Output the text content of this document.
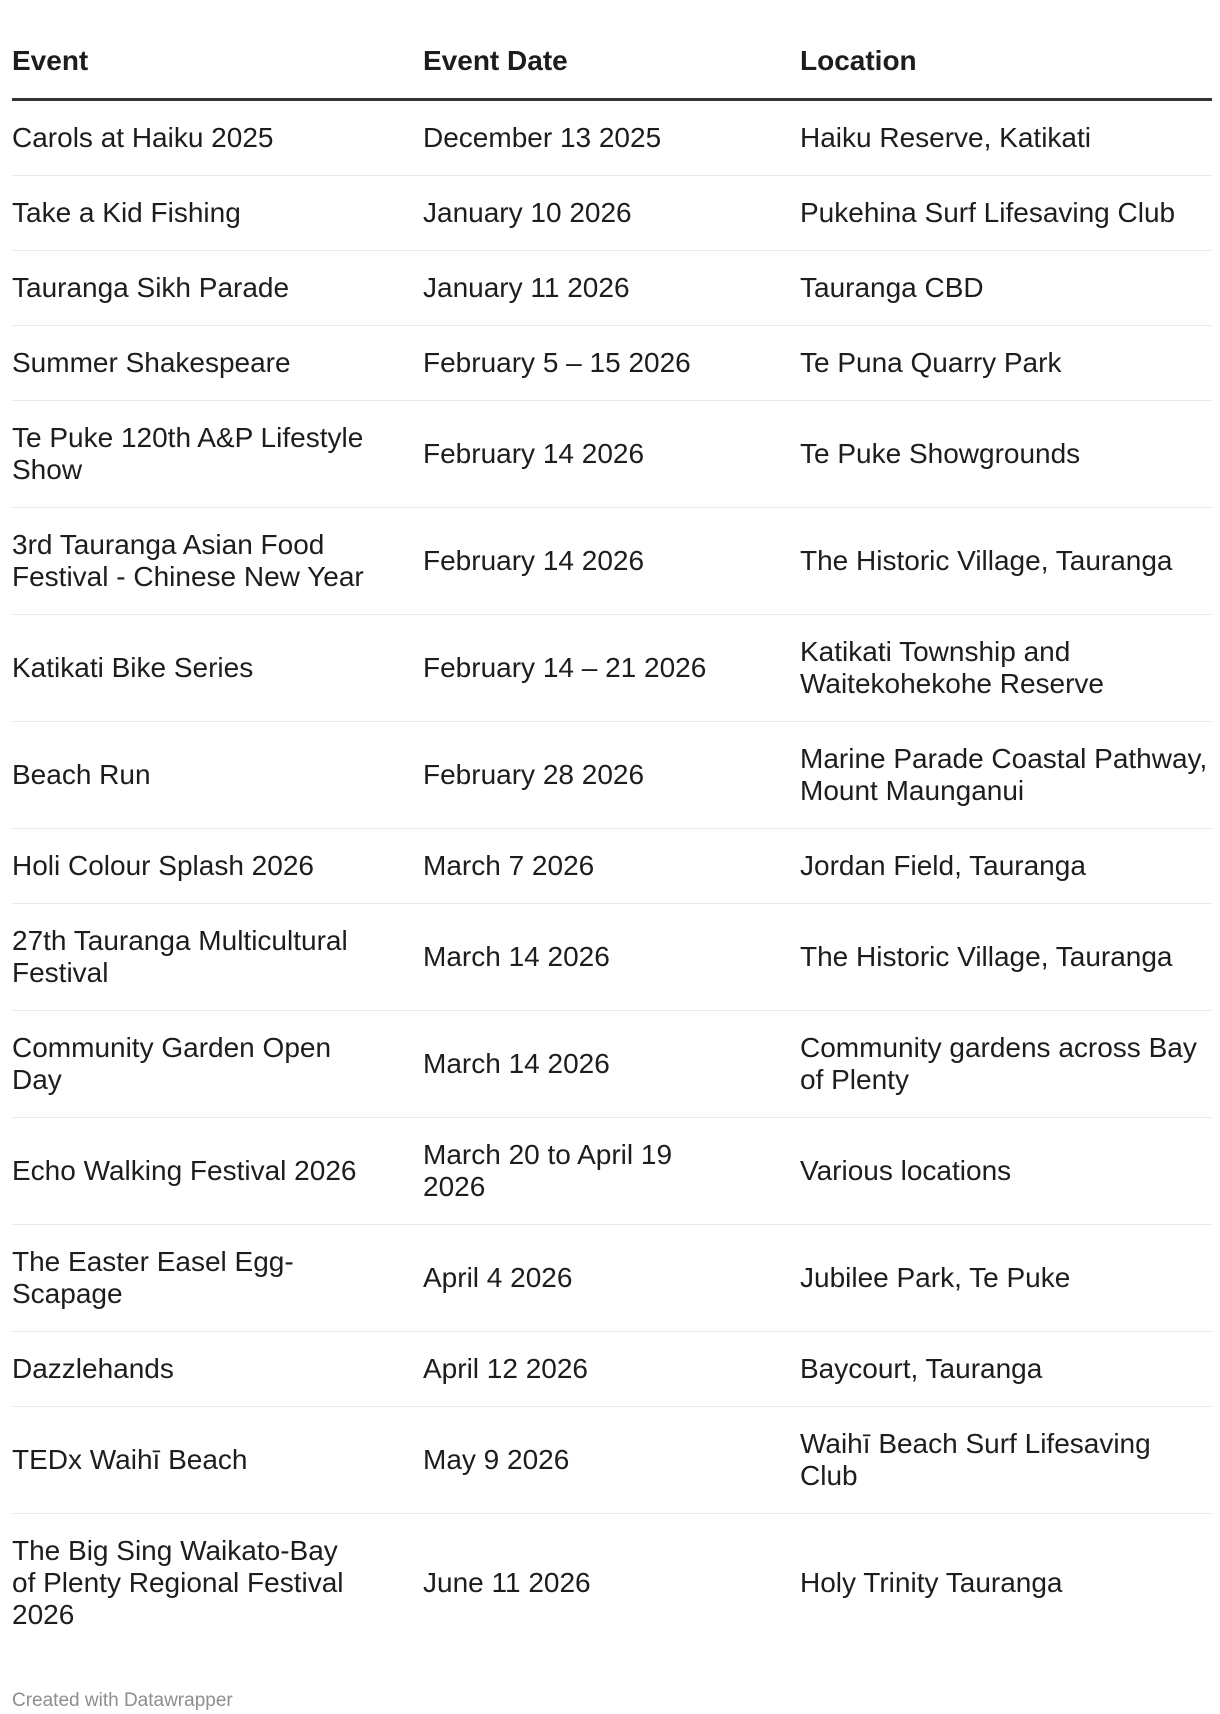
Event	Event Date	Location
Carols at Haiku 2025	December 13 2025	Haiku Reserve, Katikati
Take a Kid Fishing	January 10 2026	Pukehina Surf Lifesaving Club
Tauranga Sikh Parade	January 11 2026	Tauranga CBD
Summer Shakespeare	February 5 – 15 2026	Te Puna Quarry Park
Te Puke 120th A&P Lifestyle Show	February 14 2026	Te Puke Showgrounds
3rd Tauranga Asian Food Festival - Chinese New Year	February 14 2026	The Historic Village, Tauranga
Katikati Bike Series	February 14 – 21 2026	Katikati Township and Waitekohekohe Reserve
Beach Run	February 28 2026	Marine Parade Coastal Pathway, Mount Maunganui
Holi Colour Splash 2026	March 7 2026	Jordan Field, Tauranga
27th Tauranga Multicultural Festival	March 14 2026	The Historic Village, Tauranga
Community Garden Open Day	March 14 2026	Community gardens across Bay of Plenty
Echo Walking Festival 2026	March 20 to April 19 2026	Various locations
The Easter Easel Egg-Scapage	April 4 2026	Jubilee Park, Te Puke
Dazzlehands	April 12 2026	Baycourt, Tauranga
TEDx Waihī Beach	May 9 2026	Waihī Beach Surf Lifesaving Club
The Big Sing Waikato-Bay of Plenty Regional Festival 2026	June 11 2026	Holy Trinity Tauranga
Created with Datawrapper
